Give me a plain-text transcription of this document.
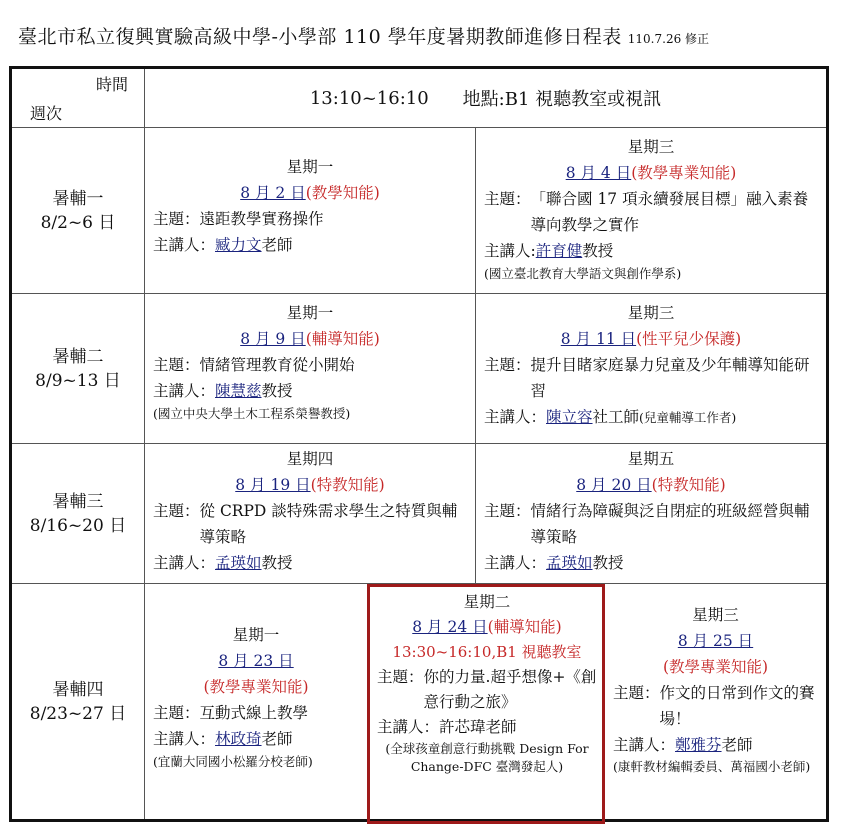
臺北市私立復興實驗高級中學-小學部 110 學年度暑期教師進修日程表 110.7.26 修正
時間
週次
13:10~16:10 地點:B1 視聽教室或視訊
暑輔一
8/2~6 日
星期一
8 月 2 日(教學知能)
主題： 遠距教學實務操作
主講人：臧力文老師
星期三
8 月 4 日(教學專業知能)
主題： 「聯合國 17 項永續發展目標」融入素養導向教學之實作
主講人:許育健教授
(國立臺北教育大學語文與創作學系)
暑輔二
8/9~13 日
星期一
8 月 9 日(輔導知能)
主題： 情緒管理教育從小開始
主講人：陳慧慈教授
(國立中央大學土木工程系榮譽教授)
星期三
8 月 11 日(性平兒少保護)
主題： 提升目睹家庭暴力兒童及少年輔導知能研習
主講人：陳立容社工師(兒童輔導工作者)
暑輔三
8/16~20 日
星期四
8 月 19 日(特教知能)
主題： 從 CRPD 談特殊需求學生之特質與輔導策略
主講人：孟瑛如教授
星期五
8 月 20 日(特教知能)
主題： 情緒行為障礙與泛自閉症的班級經營與輔導策略
主講人：孟瑛如教授
暑輔四
8/23~27 日
星期一
8 月 23 日
(教學專業知能)
主題： 互動式線上教學
主講人：林政琦老師
(宜蘭大同國小松羅分校老師)
星期二
8 月 24 日(輔導知能)
13:30~16:10,B1 視聽教室
主題： 你的力量.超乎想像+《創意行動之旅》
主講人：許芯瑋老師
(全球孩童創意行動挑戰 Design For Change-DFC 臺灣發起人)
星期三
8 月 25 日
(教學專業知能)
主題： 作文的日常到作文的賽場！
主講人：鄭雅芬老師
(康軒教材編輯委員、萬福國小老師)
